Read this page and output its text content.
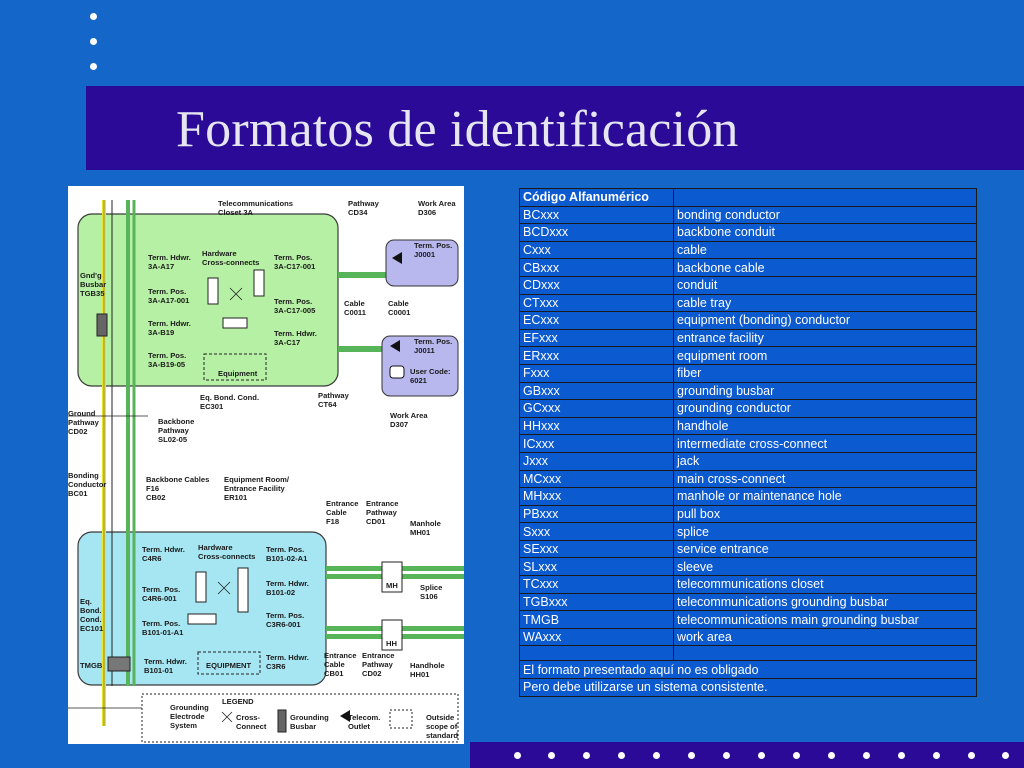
Formatos de identificación
Telecommunications Closet 3A
Pathway CD34
Work Area D306
Gnd'g Busbar TGB35
Hardware Cross-connects
Term. Hdwr. 3A-A17
Term. Pos. 3A-C17-001
Term. Pos. 3A-A17-001	Term. Pos. 3A-C17-005
Term. Hdwr. 3A-B19	Term. Hdwr. 3A-C17
Term. Pos. 3A-B19-05
Equipment
Cable C0011
Cable C0001
Term. Pos. J0001
Term. Pos. J0011
User Code: 6021
Eq. Bond. Cond. EC301
Pathway CT64
Work Area D307
Ground Pathway CD02
Backbone Pathway SL02-05
Bonding Conductor BC01
Backbone Cables F16 CB02
Equipment Room/ Entrance Facility ER101
Entrance Cable F18
Entrance Pathway CD01	Manhole MH01
Term. Hdwr. C4R6
Hardware Cross-connects
Term. Pos. B101-02-A1
Term. Pos. C4R6-001
Term. Hdwr. B101-02
Eq. Bond. Cond. EC101
Term. Pos. B101-01-A1
Term. Pos. C3R6-001
Splice S106
TMGB	Term. Hdwr. B101-01
EQUIPMENT
Term. Hdwr. C3R6
Entrance Cable CB01
Entrance Pathway CD02
Handhole HH01
MH
HH
LEGEND
Grounding Electrode System
Cross-Connect
Grounding Busbar
Telecom. Outlet
Outside scope of standard
Código Alfanumérico	
BCxxx	bonding conductor
BCDxxx	backbone conduit
Cxxx	cable
CBxxx	backbone cable
CDxxx	conduit
CTxxx	cable tray
ECxxx	equipment (bonding) conductor
EFxxx	entrance facility
ERxxx	equipment room
Fxxx	fiber
GBxxx	grounding busbar
GCxxx	grounding conductor
HHxxx	handhole
ICxxx	intermediate cross-connect
Jxxx	jack
MCxxx	main cross-connect
MHxxx	manhole or maintenance hole
PBxxx	pull box
Sxxx	splice
SExxx	service entrance
SLxxx	sleeve
TCxxx	telecommunications closet
TGBxxx	telecommunications grounding busbar
TMGB	telecommunications main grounding busbar
WAxxx	work area

El formato presentado aquí no es obligado	
Pero debe utilizarse un sistema consistente.	
